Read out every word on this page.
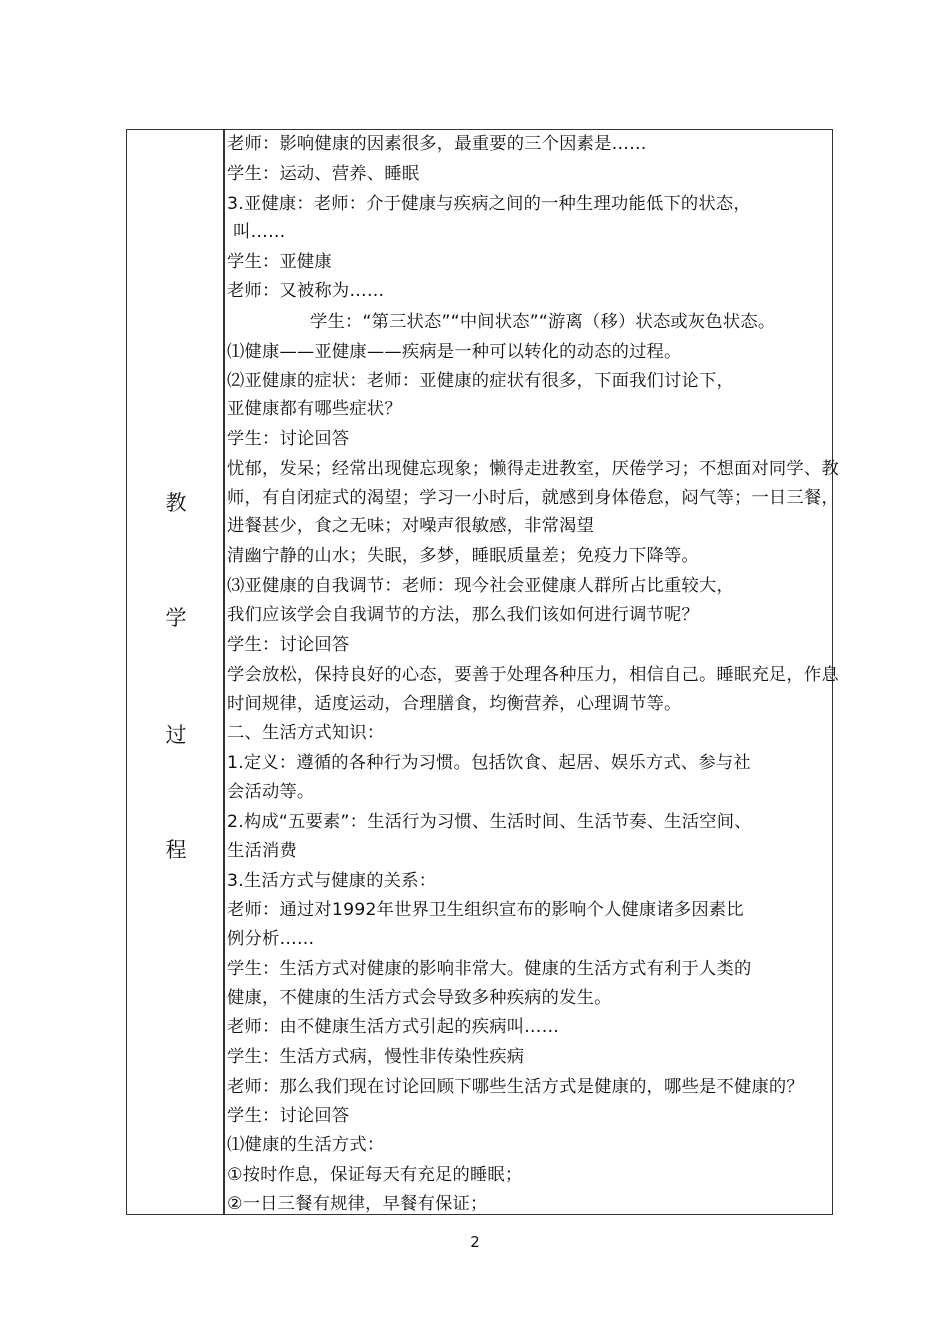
教
学
过
程
老师：影响健康的因素很多，最重要的三个因素是……
学生：运动、营养、睡眠
3.亚健康：老师：介于健康与疾病之间的一种生理功能低下的状态，
叫……
学生：亚健康
老师：又被称为……
学生：“第三状态”“中间状态”“游离（移）状态或灰色状态。
⑴健康——亚健康——疾病是一种可以转化的动态的过程。
⑵亚健康的症状：老师：亚健康的症状有很多，下面我们讨论下，
亚健康都有哪些症状？
学生：讨论回答
忧郁，发呆；经常出现健忘现象；懒得走进教室，厌倦学习；不想面对同学、教
师，有自闭症式的渴望；学习一小时后，就感到身体倦怠，闷气等；一日三餐，
进餐甚少，食之无味；对噪声很敏感，非常渴望
清幽宁静的山水；失眠，多梦，睡眠质量差；免疫力下降等。
⑶亚健康的自我调节：老师：现今社会亚健康人群所占比重较大，
我们应该学会自我调节的方法，那么我们该如何进行调节呢？
学生：讨论回答
学会放松，保持良好的心态，要善于处理各种压力，相信自己。睡眠充足，作息
时间规律，适度运动，合理膳食，均衡营养，心理调节等。
二、生活方式知识：
1.定义：遵循的各种行为习惯。包括饮食、起居、娱乐方式、参与社
会活动等。
2.构成“五要素”：生活行为习惯、生活时间、生活节奏、生活空间、
生活消费
3.生活方式与健康的关系：
老师：通过对1992年世界卫生组织宣布的影响个人健康诸多因素比
例分析……
学生：生活方式对健康的影响非常大。健康的生活方式有利于人类的
健康，不健康的生活方式会导致多种疾病的发生。
老师：由不健康生活方式引起的疾病叫……
学生：生活方式病，慢性非传染性疾病
老师：那么我们现在讨论回顾下哪些生活方式是健康的，哪些是不健康的？
学生：讨论回答
⑴健康的生活方式：
①按时作息，保证每天有充足的睡眠；
②一日三餐有规律，早餐有保证；
2
